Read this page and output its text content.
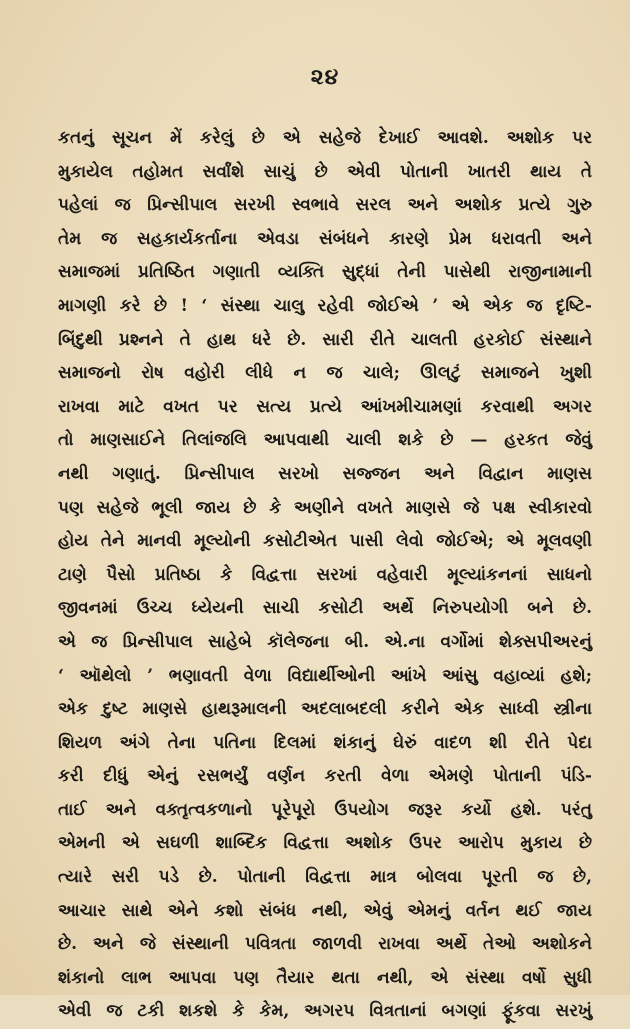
૨૪
કતનું સૂચન મેં કરેલું છે એ સહેજે દેખાઈ આવશે. અશોક પર
મુકાયેલ તહોમત સર્વાંશે સાચું છે એવી પોતાની ખાતરી થાય તે
પહેલાં જ પ્રિન્સીપાલ સરખી સ્વભાવે સરલ અને અશોક પ્રત્યે ગુરુ
તેમ જ સહકાર્યકર્તાના એવડા સંબંધને કારણે પ્રેમ ધરાવતી અને
સમાજમાં પ્રતિષ્ઠિત ગણાતી વ્યક્તિ સુદ્ધાં તેની પાસેથી રાજીનામાની
માગણી કરે છે ! ‘ સંસ્થા ચાલુ રહેવી જોઈએ ’ એ એક જ દૃષ્ટિ-
બિંદુથી પ્રશ્નને તે હાથ ધરે છે. સારી રીતે ચાલતી હરકોઈ સંસ્થાને
સમાજનો રોષ વહોરી લીધે ન જ ચાલે; ઊલટું સમાજને ખુશી
રાખવા માટે વખત પર સત્ય પ્રત્યે આંખમીચામણાં કરવાથી અગર
તો માણસાઈને તિલાંજલિ આપવાથી ચાલી શકે છે — હરકત જેવું
નથી ગણાતું. પ્રિન્સીપાલ સરખો સજ્જન અને વિદ્વાન માણસ
પણ સહેજે ભૂલી જાય છે કે અણીને વખતે માણસે જે પક્ષ સ્વીકારવો
હોય તેને માનવી મૂલ્યોની કસોટીએત પાસી લેવો જોઈએ; એ મૂલવણી
ટાણે પૈસો પ્રતિષ્ઠા કે વિદ્વત્તા સરખાં વહેવારી મૂલ્યાંકનનાં સાધનો
જીવનમાં ઉચ્ચ ધ્યેયની સાચી કસોટી અર્થે નિરુપયોગી બને છે.
એ જ પ્રિન્સીપાલ સાહેબે કૉલેજના બી. એ.ના વર્ગોમાં શેક્સપીઅરનું
‘ ઑથેલો ’ ભણાવતી વેળા વિદ્યાર્થીઓની આંખે આંસુ વહાવ્યાં હશે;
એક દુષ્ટ માણસે હાથરૂમાલની અદલાબદલી કરીને એક સાધ્વી સ્ત્રીના
શિયળ અંગે તેના પતિના દિલમાં શંકાનું ઘેરું વાદળ શી રીતે પેદા
કરી દીધું એનું રસભર્યું વર્ણન કરતી વેળા એમણે પોતાની પંડિ-
તાઈ અને વક્તૃત્વકળાનો પૂરેપૂરો ઉપયોગ જરૂર કર્યો હશે. પરંતુ
એમની એ સઘળી શાબ્દિક વિદ્વત્તા અશોક ઉપર આરોપ મુકાય છે
ત્યારે સરી પડે છે. પોતાની વિદ્વત્તા માત્ર બોલવા પૂરતી જ છે,
આચાર સાથે એને કશો સંબંધ નથી, એવું એમનું વર્તન થઈ જાય
છે. અને જે સંસ્થાની પવિત્રતા જાળવી રાખવા અર્થે તેઓ અશોકને
શંકાનો લાભ આપવા પણ તૈયાર થતા નથી, એ સંસ્થા વર્ષો સુધી
એવી જ ટકી શકશે કે કેમ, અગરપ વિત્રતાનાં બગણાં ફૂંકવા સરખું
